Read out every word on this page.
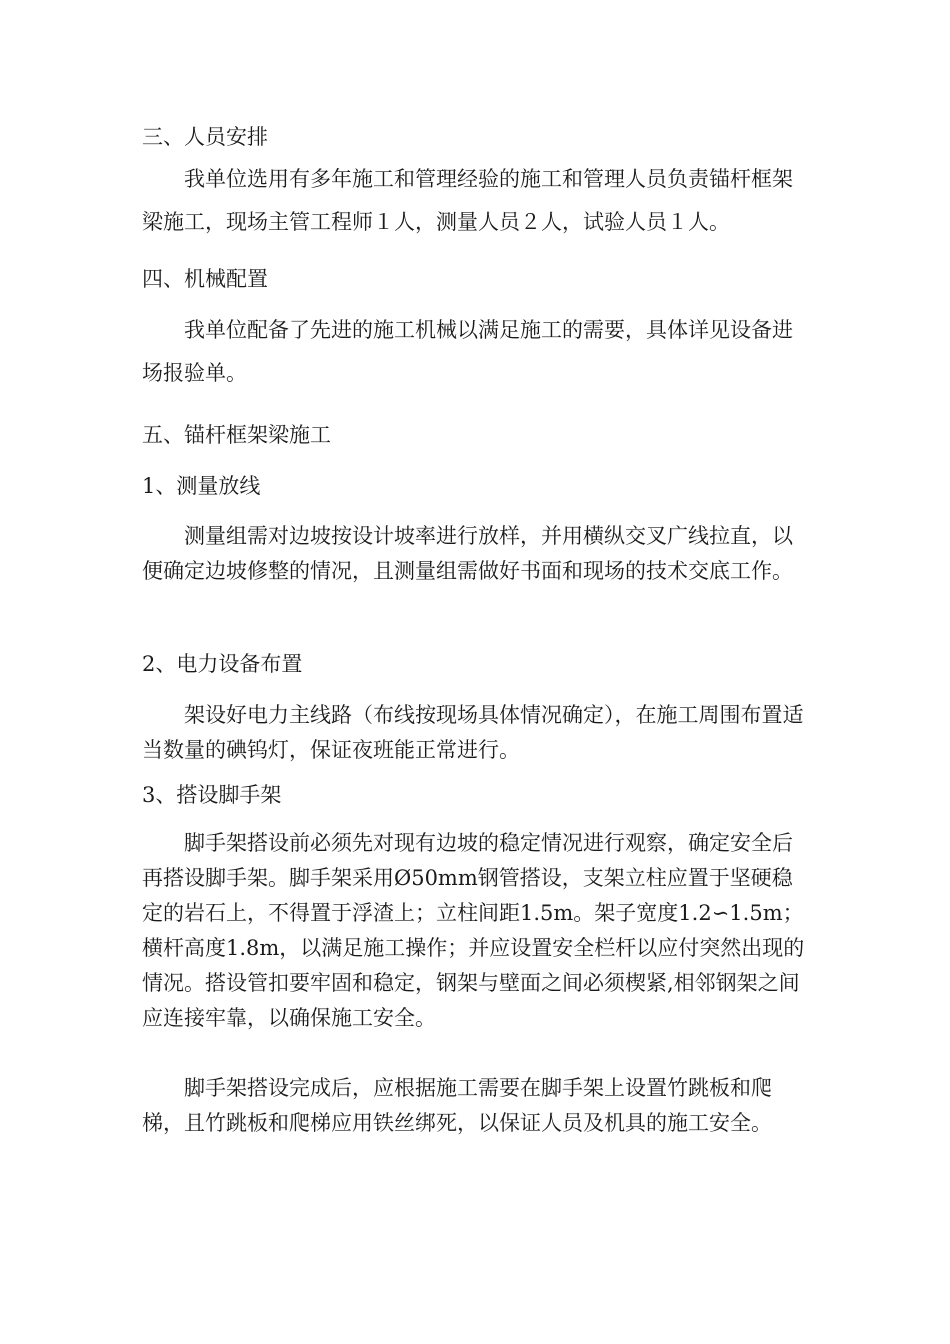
三、人员安排

我单位选用有多年施工和管理经验的施工和管理人员负责锚杆框架梁施工，现场主管工程师１人，测量人员２人，试验人员１人。

四、机械配置

我单位配备了先进的施工机械以满足施工的需要，具体详见设备进场报验单。

五、锚杆框架梁施工

1、测量放线

测量组需对边坡按设计坡率进行放样，并用横纵交叉广线拉直，以便确定边坡修整的情况，且测量组需做好书面和现场的技术交底工作。

2、电力设备布置

架设好电力主线路（布线按现场具体情况确定），在施工周围布置适当数量的碘钨灯，保证夜班能正常进行。

3、搭设脚手架

脚手架搭设前必须先对现有边坡的稳定情况进行观察，确定安全后再搭设脚手架。脚手架采用Ø50mm钢管搭设，支架立柱应置于坚硬稳定的岩石上，不得置于浮渣上；立柱间距1.5m。架子宽度1.2∽1.5m；横杆高度1.8m，以满足施工操作；并应设置安全栏杆以应付突然出现的情况。搭设管扣要牢固和稳定，钢架与壁面之间必须楔紧,相邻钢架之间应连接牢靠，以确保施工安全。

脚手架搭设完成后，应根据施工需要在脚手架上设置竹跳板和爬梯，且竹跳板和爬梯应用铁丝绑死，以保证人员及机具的施工安全。
